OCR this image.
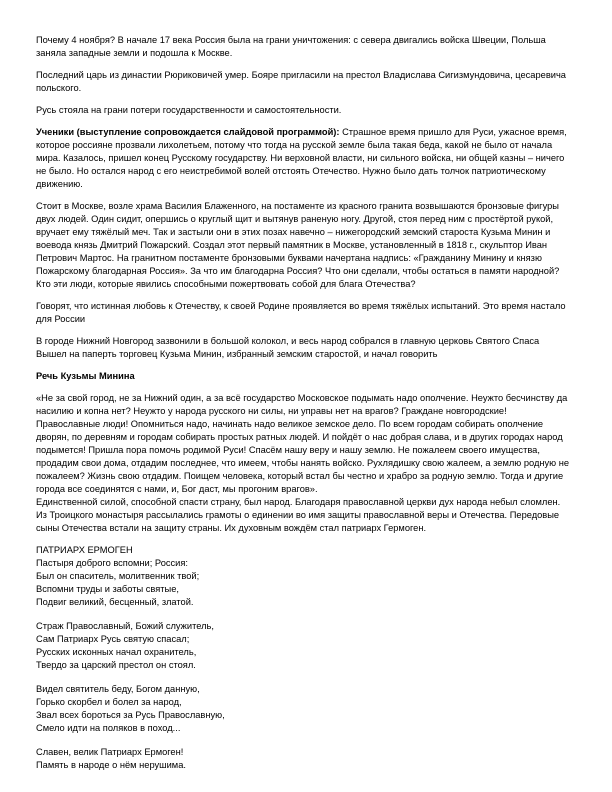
Почему 4 ноября? В начале 17 века Россия была на грани уничтожения: с севера двигались войска Швеции, Польша заняла западные земли и подошла к Москве.

Последний царь из династии Рюриковичей умер. Бояре пригласили на престол Владислава Сигизмундовича, цесаревича польского.

Русь стояла на грани потери государственности и самостоятельности.

Ученики (выступление сопровождается слайдовой программой): Страшное время пришло для Руси, ужасное время, которое россияне прозвали лихолетьем, потому что тогда на русской земле была такая беда, какой не было от начала мира. Казалось, пришел конец Русскому государству. Ни верховной власти, ни сильного войска, ни общей казны – ничего не было. Но остался народ с его неистребимой волей отстоять Отечество. Нужно было дать толчок патриотическому движению.

Стоит в Москве, возле храма Василия Блаженного, на постаменте из красного гранита возвышаются бронзовые фигуры двух людей. Один сидит, опершись о круглый щит и вытянув раненую ногу. Другой, стоя перед ним с простёртой рукой, вручает ему тяжёлый меч. Так и застыли они в этих позах навечно – нижегородский земский староста Кузьма Минин и воевода князь Дмитрий Пожарский. Создал этот первый памятник в Москве, установленный в 1818 г., скульптор Иван Петрович Мартос. На гранитном постаменте бронзовыми буквами начертана надпись: «Гражданину Минину и князю Пожарскому благодарная Россия». За что им благодарна Россия? Что они сделали, чтобы остаться в памяти народной? Кто эти люди, которые явились способными пожертвовать собой для блага Отечества?

Говорят, что истинная любовь к Отечеству, к своей Родине проявляется во время тяжёлых испытаний. Это время настало для России

В городе Нижний Новгород зазвонили в большой колокол, и весь народ собрался в главную церковь Святого Спаса Вышел на паперть торговец Кузьма Минин, избранный земским старостой, и начал говорить

Речь Кузьмы Минина

«Не за свой город, не за Нижний один, а за всё государство Московское подымать надо ополчение. Неужто бесчинству да насилию и копна нет? Неужто у народа русского ни силы, ни управы нет на врагов? Граждане новгородские! Православные люди! Опомниться надо, начинать надо великое земское дело. По всем городам собирать ополчение дворян, по деревням и городам собирать простых ратных людей. И пойдёт о нас добрая слава, и в других городах народ подымется! Пришла пора помочь родимой Руси! Спасём нашу веру и нашу землю. Не пожалеем своего имущества, продадим свои дома, отдадим последнее, что имеем, чтобы нанять войско. Рухлядишку свою жалеем, а землю родную не пожалеем? Жизнь свою отдадим. Поищем человека, который встал бы честно и храбро за родную землю. Тогда и другие города все соединятся с нами, и, Бог даст, мы прогоним врагов».

Единственной силой, способной спасти страну, был народ. Благодаря православной церкви дух народа небыл сломлен. Из Троицкого монастыря рассылались грамоты о единении во имя защиты православной веры и Отечества. Передовые сыны Отечества встали на защиту страны. Их духовным вождём стал патриарх Гермоген.

ПАТРИАРХ ЕРМОГЕН

Пастыря доброго вспомни; Россия:
Был он спаситель, молитвенник твой;
Вспомни труды и заботы святые,
Подвиг великий, бесценный, златой.
Страж Православный, Божий служитель,
Сам Патриарх Русь святую спасал;
Русских исконных начал охранитель,
Твердо за царский престол он стоял.
Видел святитель беду, Богом данную,
Горько скорбел и болел за народ,
Звал всех бороться за Русь Православную,
Смело идти на поляков в поход...
Славен, велик Патриарх Ермоген!
Память в народе о нём нерушима.
